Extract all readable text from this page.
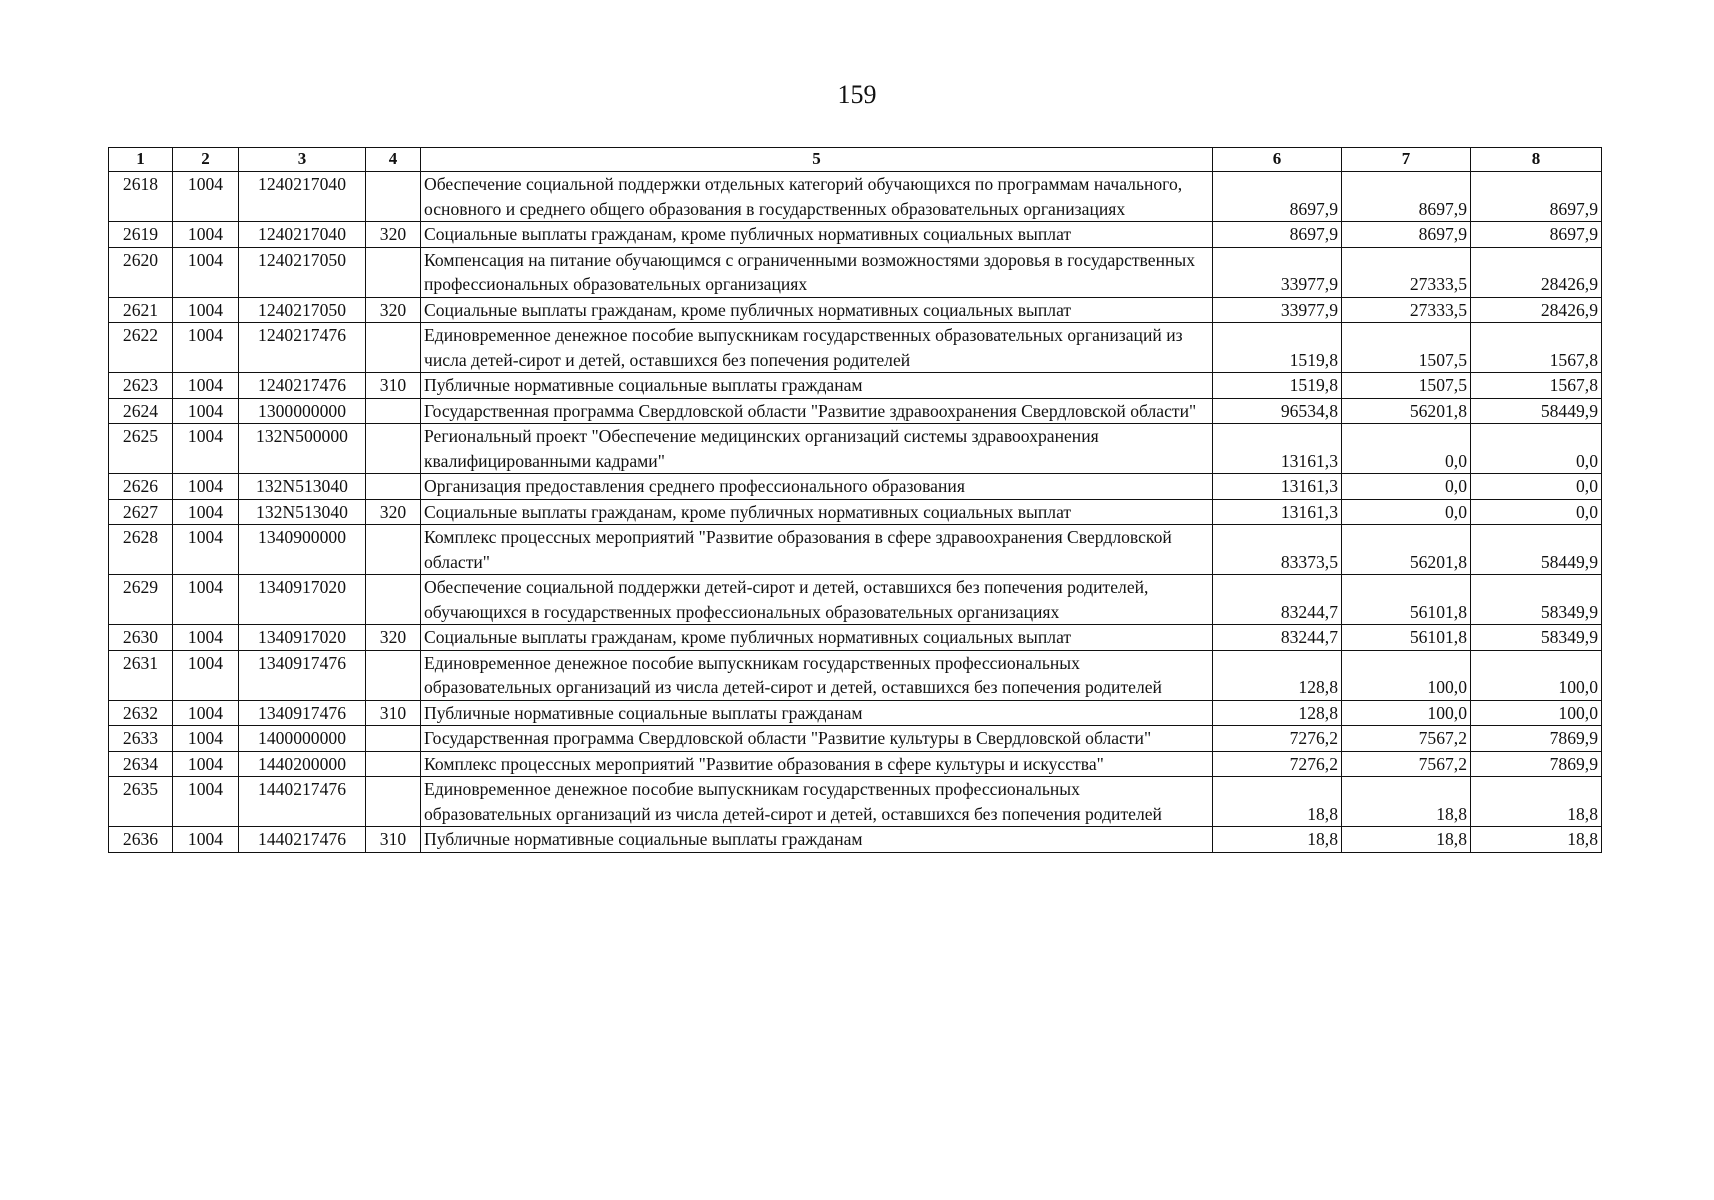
159
1	2	3	4	5	6	7	8
2618	1004	1240217040		Обеспечение социальной поддержки отдельных категорий обучающихся по программам начального, основного и среднего общего образования в государственных образовательных организациях	8697,9	8697,9	8697,9
2619	1004	1240217040	320	Социальные выплаты гражданам, кроме публичных нормативных социальных выплат	8697,9	8697,9	8697,9
2620	1004	1240217050		Компенсация на питание обучающимся с ограниченными возможностями здоровья в государственных профессиональных образовательных организациях	33977,9	27333,5	28426,9
2621	1004	1240217050	320	Социальные выплаты гражданам, кроме публичных нормативных социальных выплат	33977,9	27333,5	28426,9
2622	1004	1240217476		Единовременное денежное пособие выпускникам государственных образовательных организаций из числа детей-сирот и детей, оставшихся без попечения родителей	1519,8	1507,5	1567,8
2623	1004	1240217476	310	Публичные нормативные социальные выплаты гражданам	1519,8	1507,5	1567,8
2624	1004	1300000000		Государственная программа Свердловской области "Развитие здравоохранения Свердловской области"	96534,8	56201,8	58449,9
2625	1004	132N500000		Региональный проект "Обеспечение медицинских организаций системы здравоохранения квалифицированными кадрами"	13161,3	0,0	0,0
2626	1004	132N513040		Организация предоставления среднего профессионального образования	13161,3	0,0	0,0
2627	1004	132N513040	320	Социальные выплаты гражданам, кроме публичных нормативных социальных выплат	13161,3	0,0	0,0
2628	1004	1340900000		Комплекс процессных мероприятий "Развитие образования в сфере здравоохранения Свердловской области"	83373,5	56201,8	58449,9
2629	1004	1340917020		Обеспечение социальной поддержки детей-сирот и детей, оставшихся без попечения родителей, обучающихся в государственных профессиональных образовательных организациях	83244,7	56101,8	58349,9
2630	1004	1340917020	320	Социальные выплаты гражданам, кроме публичных нормативных социальных выплат	83244,7	56101,8	58349,9
2631	1004	1340917476		Единовременное денежное пособие выпускникам государственных профессиональных образовательных организаций из числа детей-сирот и детей, оставшихся без попечения родителей	128,8	100,0	100,0
2632	1004	1340917476	310	Публичные нормативные социальные выплаты гражданам	128,8	100,0	100,0
2633	1004	1400000000		Государственная программа Свердловской области "Развитие культуры в Свердловской области"	7276,2	7567,2	7869,9
2634	1004	1440200000		Комплекс процессных мероприятий "Развитие образования в сфере культуры и искусства"	7276,2	7567,2	7869,9
2635	1004	1440217476		Единовременное денежное пособие выпускникам государственных профессиональных образовательных организаций из числа детей-сирот и детей, оставшихся без попечения родителей	18,8	18,8	18,8
2636	1004	1440217476	310	Публичные нормативные социальные выплаты гражданам	18,8	18,8	18,8
